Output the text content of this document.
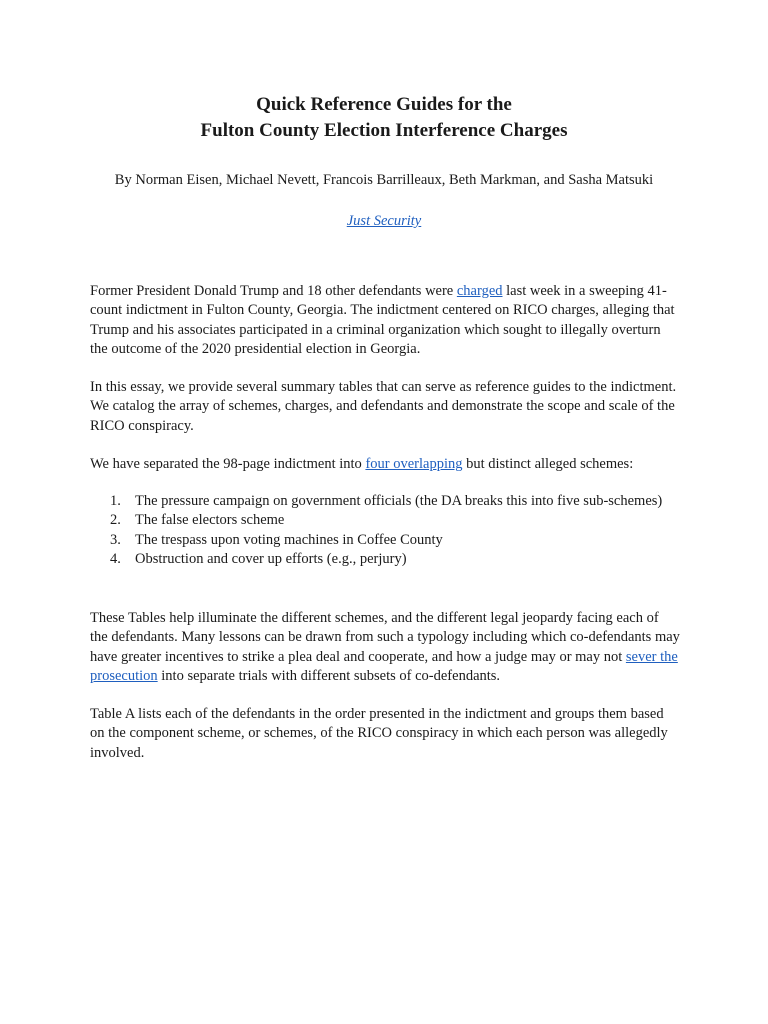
Quick Reference Guides for the
Fulton County Election Interference Charges
By Norman Eisen, Michael Nevett, Francois Barrilleaux, Beth Markman, and Sasha Matsuki
Just Security

Former President Donald Trump and 18 other defendants were charged last week in a sweeping 41-count indictment in Fulton County, Georgia. The indictment centered on RICO charges, alleging that Trump and his associates participated in a criminal organization which sought to illegally overturn the outcome of the 2020 presidential election in Georgia.

In this essay, we provide several summary tables that can serve as reference guides to the indictment. We catalog the array of schemes, charges, and defendants and demonstrate the scope and scale of the RICO conspiracy.

We have separated the 98-page indictment into four overlapping but distinct alleged schemes:

1. The pressure campaign on government officials (the DA breaks this into five sub-schemes)
2. The false electors scheme
3. The trespass upon voting machines in Coffee County
4. Obstruction and cover up efforts (e.g., perjury)

These Tables help illuminate the different schemes, and the different legal jeopardy facing each of the defendants. Many lessons can be drawn from such a typology including which co-defendants may have greater incentives to strike a plea deal and cooperate, and how a judge may or may not sever the prosecution into separate trials with different subsets of co-defendants.

Table A lists each of the defendants in the order presented in the indictment and groups them based on the component scheme, or schemes, of the RICO conspiracy in which each person was allegedly involved.
